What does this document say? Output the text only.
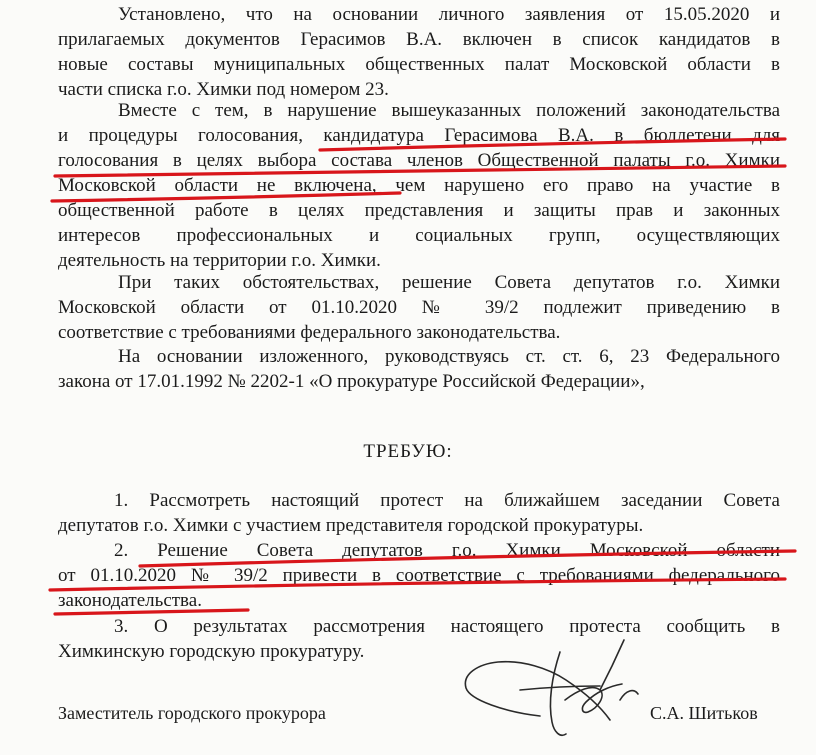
Установлено, что на основании личного заявления от 15.05.2020 и
прилагаемых документов Герасимов В.А. включен в список кандидатов в
новые составы муниципальных общественных палат Московской области в
части списка г.о. Химки под номером 23.
Вместе с тем, в нарушение вышеуказанных положений законодательства
и процедуры голосования, кандидатура Герасимова В.А. в бюллетени для
голосования в целях выбора состава членов Общественной палаты г.о. Химки
Московской области не включена, чем нарушено его право на участие в
общественной работе в целях представления и защиты прав и законных
интересов профессиональных и социальных групп, осуществляющих
деятельность на территории г.о. Химки.
При таких обстоятельствах, решение Совета депутатов г.о. Химки
Московской области от 01.10.2020 № 39/2 подлежит приведению в
соответствие с требованиями федерального законодательства.
На основании изложенного, руководствуясь ст. ст. 6, 23 Федерального
закона от 17.01.1992 № 2202-1 «О прокуратуре Российской Федерации»,
ТРЕБУЮ:
1. Рассмотреть настоящий протест на ближайшем заседании Совета
депутатов г.о. Химки с участием представителя городской прокуратуры.
2. Решение Совета депутатов г.о. Химки Московской области
от 01.10.2020 № 39/2 привести в соответствие с требованиями федерального
законодательства.
3. О результатах рассмотрения настоящего протеста сообщить в
Химкинскую городскую прокуратуру.
Заместитель городского прокурора	С.А. Шитьков
